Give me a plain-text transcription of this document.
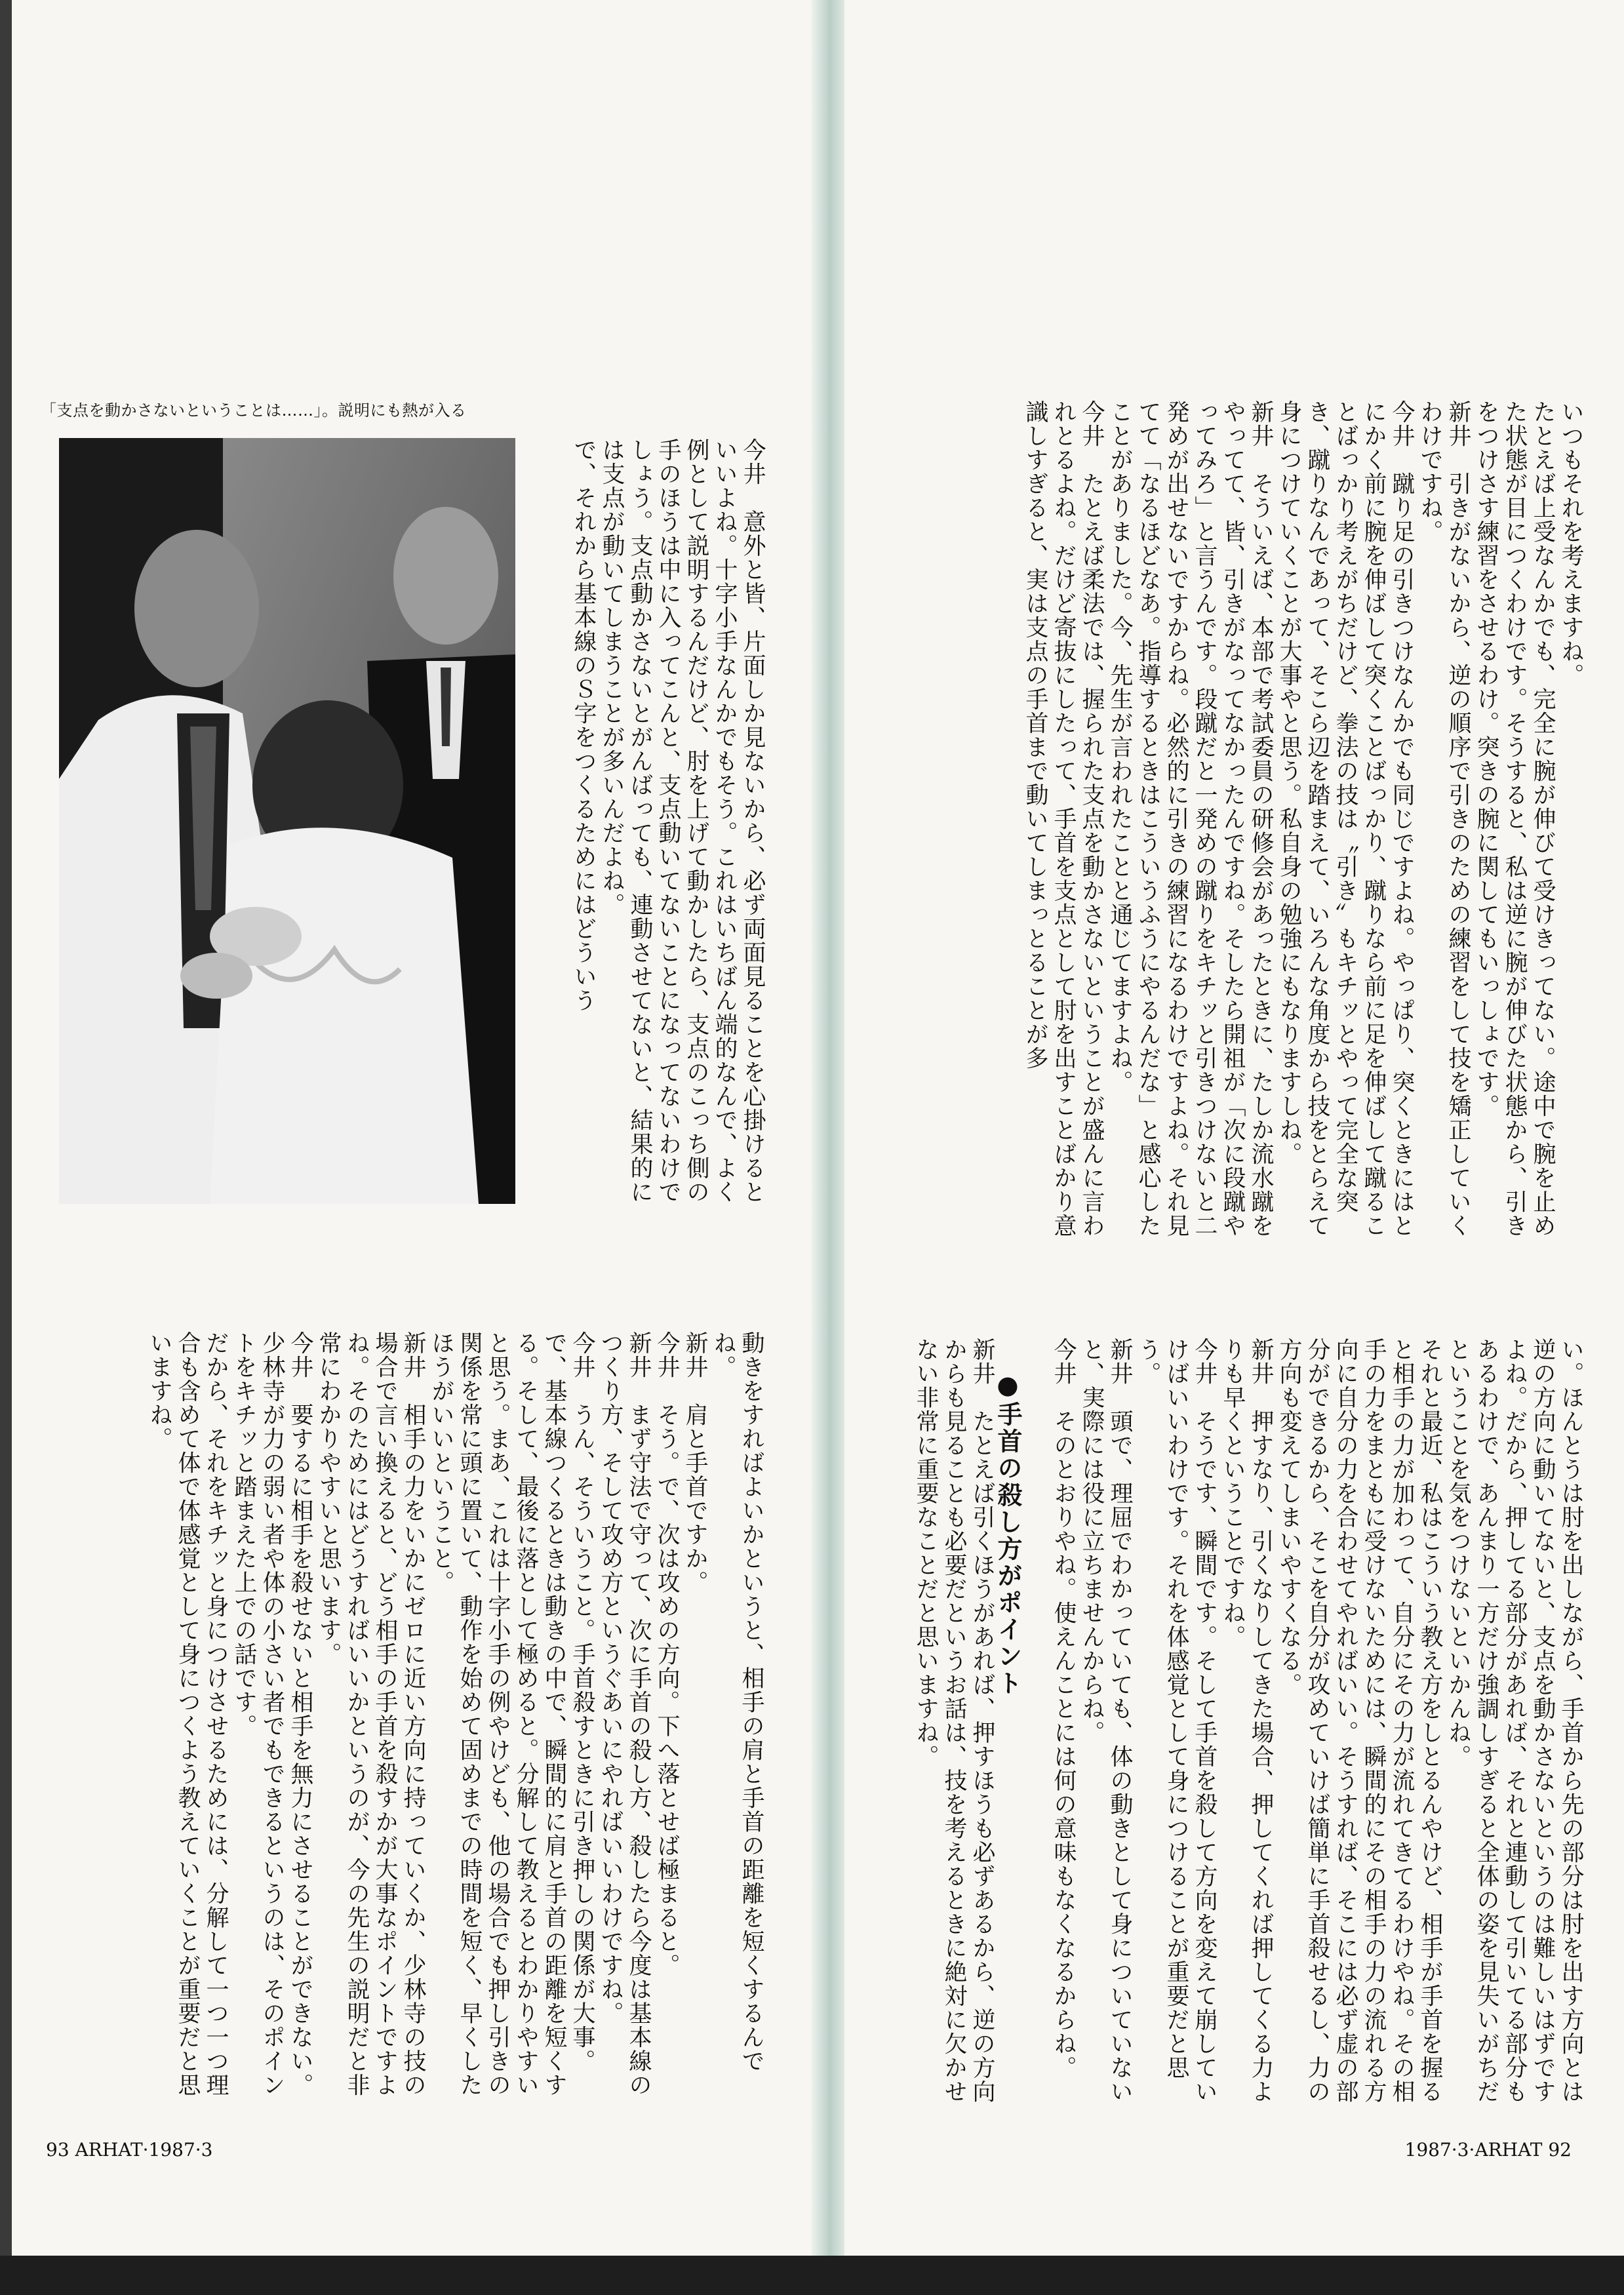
「支点を動かさないということは……」。説明にも熱が入る
今井　意外と皆、片面しか見ないから、必ず両面見ることを心掛けるといいよね。十字小手なんかでもそう。これはいちばん端的なんで、よく例として説明するんだけど、肘を上げて動かしたら、支点のこっち側の手のほうは中に入ってこんと、支点動いてないことになってないわけでしょう。支点動かさないとがんばっても、連動させてないと、結果的には支点が動いてしまうことが多いんだよね。
で、それから基本線のＳ字をつくるためにはどういう
動きをすればよいかというと、相手の肩と手首の距離を短くするんでね。
新井　肩と手首ですか。
今井　そう。で、次は攻めの方向。下へ落とせば極まると。
新井　まず守法で守って、次に手首の殺し方、殺したら今度は基本線のつくり方、そして攻め方というぐあいにやればいいわけですね。
今井　うん、そういうこと。手首殺すときに引き押しの関係が大事。で、基本線つくるときは動きの中で、瞬間的に肩と手首の距離を短くする。そして、最後に落として極めると。分解して教えるとわかりやすいと思う。まあ、これは十字小手の例やけども、他の場合でも押し引きの関係を常に頭に置いて、動作を始めて固めまでの時間を短く、早くしたほうがいいということ。
新井　相手の力をいかにゼロに近い方向に持っていくか、少林寺の技の場合で言い換えると、どう相手の手首を殺すかが大事なポイントですよね。そのためにはどうすればいいかというのが、今の先生の説明だと非常にわかりやすいと思います。
今井　要するに相手を殺せないと相手を無力にさせることができない。少林寺が力の弱い者や体の小さい者でもできるというのは、そのポイントをキチッと踏まえた上での話です。
だから、それをキチッと身につけさせるためには、分解して一つ一つ理合も含めて体で体感覚として身につくよう教えていくことが重要だと思いますね。
93 ARHAT·1987·3
いつもそれを考えますね。
たとえば上受なんかでも、完全に腕が伸びて受けきってない。途中で腕を止めた状態が目につくわけです。そうすると、私は逆に腕が伸びた状態から、引きをつけさす練習をさせるわけ。突きの腕に関してもいっしょです。
新井　引きがないから、逆の順序で引きのための練習をして技を矯正していくわけですね。
今井　蹴り足の引きつけなんかでも同じですよね。やっぱり、突くときにはとにかく前に腕を伸ばして突くことばっかり、蹴りなら前に足を伸ばして蹴ることばっかり考えがちだけど、拳法の技は〝引き〟もキチッとやって完全な突き、蹴りなんであって、そこら辺を踏まえて、いろんな角度から技をとらえて身につけていくことが大事やと思う。私自身の勉強にもなりますしね。
新井　そういえば、本部で考試委員の研修会があったときに、たしか流水蹴をやってて、皆、引きがなってなかったんですね。そしたら開祖が「次に段蹴やってみろ」と言うんです。段蹴だと一発めの蹴りをキチッと引きつけないと二発めが出せないですからね。必然的に引きの練習になるわけですよね。それ見てて「なるほどなあ。指導するときはこういうふうにやるんだな」と感心したことがありました。今、先生が言われたことと通じてますよね。
今井　たとえば柔法では、握られた支点を動かさないということが盛んに言われとるよね。だけど寄抜にしたって、手首を支点として肘を出すことばかり意識しすぎると、実は支点の手首まで動いてしまっとることが多
い。ほんとうは肘を出しながら、手首から先の部分は肘を出す方向とは逆の方向に動いてないと、支点を動かさないというのは難しいはずですよね。だから、押してる部分があれば、それと連動して引いてる部分もあるわけで、あんまり一方だけ強調しすぎると全体の姿を見失いがちだということを気をつけないといかんね。
それと最近、私はこういう教え方をしとるんやけど、相手が手首を握ると相手の力が加わって、自分にその力が流れてきてるわけやね。その相手の力をまともに受けないためには、瞬間的にその相手の力の流れる方向に自分の力を合わせてやればいい。そうすれば、そこには必ず虚の部分ができるから、そこを自分が攻めていけば簡単に手首殺せるし、力の方向も変えてしまいやすくなる。
新井　押すなり、引くなりしてきた場合、押してくれば押してくる力よりも早くということですね。
今井　そうです、瞬間です。そして手首を殺して方向を変えて崩していけばいいわけです。それを体感覚として身につけることが重要だと思う。
新井　頭で、理屈でわかっていても、体の動きとして身についていないと、実際には役に立ちませんからね。
今井　そのとおりやね。使えんことには何の意味もなくなるからね。
●手首の殺し方がポイント
新井　たとえば引くほうがあれば、押すほうも必ずあるから、逆の方向からも見ることも必要だというお話は、技を考えるときに絶対に欠かせない非常に重要なことだと思いますね。
1987·3·ARHAT 92
